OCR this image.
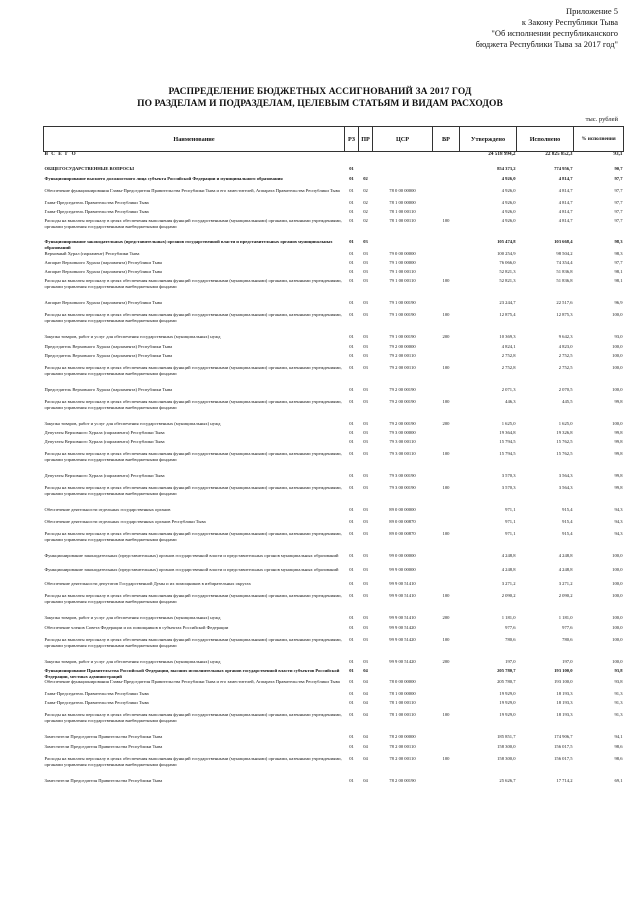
Приложение 5
к Закону Республики Тыва
"Об исполнении республиканского
бюджета Республики Тыва за 2017 год"
РАСПРЕДЕЛЕНИЕ БЮДЖЕТНЫХ АССИГНОВАНИЙ ЗА 2017 ГОД
ПО РАЗДЕЛАМ И ПОДРАЗДЕЛАМ, ЦЕЛЕВЫМ СТАТЬЯМ И ВИДАМ РАСХОДОВ
тыс. рублей
Наименование	РЗ	ПР	ЦСР	ВР	Утверждено	Исполнено	% исполнения
В С Е Г О					24 518 994,2	22 825 852,3	93,1
ОБЩЕГОСУДАРСТВЕННЫЕ ВОПРОСЫ	01				854 373,2	774 956,7	90,7
Функционирование высшего должностного лица субъекта Российской Федерации и муниципального образования	01	02			4 926,0	4 814,7	97,7
Обеспечение функционирования Главы-Председателя Правительства Республики Тыва и его заместителей, Аппарата Правительства Республики Тыва	01	02	78 0 00 00000		4 926,0	4 814,7	97,7
Глава-Председатель Правительства Республики Тыва	01	02	78 1 00 00000		4 926,0	4 814,7	97,7
Глава-Председатель Правительства Республики Тыва	01	02	78 1 00 00110		4 926,0	4 814,7	97,7
Расходы на выплаты персоналу в целях обеспечения выполнения функций государственными (муниципальными) органами, казенными учреждениями, органами управления государственными внебюджетными фондами	01	02	78 1 00 00110	100	4 926,0	4 814,7	97,7
Функционирование законодательных (представительных) органов государственной власти и представительных органов муниципальных образований	01	03			105 474,8	103 668,4	98,3
Верховный Хурал (парламент) Республики Тыва	01	03	79 0 00 00000		100 254,9	98 504,2	98,3
Аппарат Верховного Хурала (парламента) Республики Тыва	01	03	79 1 00 00000		76 066,0	74 354,4	97,7
Аппарат Верховного Хурала (парламента) Республики Тыва	01	03	79 1 00 00110		52 821,3	51 836,8	98,1
Расходы на выплаты персоналу в целях обеспечения выполнения функций государственными (муниципальными) органами, казенными учреждениями, органами управления государственными внебюджетными фондами	01	03	79 1 00 00110	100	52 821,3	51 836,8	98,1
Аппарат Верховного Хурала (парламента) Республики Тыва	01	03	79 1 00 00190		23 244,7	22 517,6	96,9
Расходы на выплаты персоналу в целях обеспечения выполнения функций государственными (муниципальными) органами, казенными учреждениями, органами управления государственными внебюджетными фондами	01	03	79 1 00 00190	100	12 875,4	12 875,3	100,0
Закупка товаров, работ и услуг для обеспечения государственных (муниципальных) нужд	01	03	79 1 00 00190	200	10 369,3	9 642,3	93,0
Председатель Верховного Хурала (парламента) Республики Тыва	01	03	79 2 00 00000		4 824,1	4 823,0	100,0
Председатель Верховного Хурала (парламента) Республики Тыва	01	03	79 2 00 00110		2 752,8	2 752,5	100,0
Расходы на выплаты персоналу в целях обеспечения выполнения функций государственными (муниципальными) органами, казенными учреждениями, органами управления государственными внебюджетными фондами	01	03	79 2 00 00110	100	2 752,8	2 752,5	100,0
Председатель Верховного Хурала (парламента) Республики Тыва	01	03	79 2 00 00190		2 071,3	2 070,5	100,0
Расходы на выплаты персоналу в целях обеспечения выполнения функций государственными (муниципальными) органами, казенными учреждениями, органами управления государственными внебюджетными фондами	01	03	79 2 00 00190	100	446,3	445,5	99,8
Закупка товаров, работ и услуг для обеспечения государственных (муниципальных) нужд	01	03	79 2 00 00190	200	1 625,0	1 625,0	100,0
Депутаты Верховного Хурала (парламента) Республики Тыва	01	03	79 3 00 00000		19 364,8	19 326,8	99,8
Депутаты Верховного Хурала (парламента) Республики Тыва	01	03	79 3 00 00110		15 794,5	15 762,5	99,8
Расходы на выплаты персоналу в целях обеспечения выполнения функций государственными (муниципальными) органами, казенными учреждениями, органами управления государственными внебюджетными фондами	01	03	79 3 00 00110	100	15 794,5	15 762,5	99,8
Депутаты Верховного Хурала (парламента) Республики Тыва	01	03	79 3 00 00190		3 570,3	3 564,3	99,8
Расходы на выплаты персоналу в целях обеспечения выполнения функций государственными (муниципальными) органами, казенными учреждениями, органами управления государственными внебюджетными фондами	01	03	79 3 00 00190	100	3 570,3	3 564,3	99,8
Обеспечение деятельности отдельных государственных органов	01	03	89 0 00 00000		971,1	915,4	94,3
Обеспечение деятельности отдельных государственных органов Республики Тыва	01	03	89 0 00 00870		971,1	915,4	94,3
Расходы на выплаты персоналу в целях обеспечения выполнения функций государственными (муниципальными) органами, казенными учреждениями, органами управления государственными внебюджетными фондами	01	03	89 0 00 00870	100	971,1	915,4	94,3
Функционирование законодательных (представительных) органов государственной власти и представительных органов муниципальных образований	01	03	99 0 00 00000		4 248,8	4 248,8	100,0
Функционирование законодательных (представительных) органов государственной власти и представительных органов муниципальных образований	01	03	99 9 00 00000		4 248,8	4 248,8	100,0
Обеспечение деятельности депутатов Государственной Думы и их помощников в избирательных округах	01	03	99 9 00 51410		3 271,2	3 271,2	100,0
Расходы на выплаты персоналу в целях обеспечения выполнения функций государственными (муниципальными) органами, казенными учреждениями, органами управления государственными внебюджетными фондами	01	03	99 9 00 51410	100	2 090,2	2 090,2	100,0
Закупка товаров, работ и услуг для обеспечения государственных (муниципальных) нужд	01	03	99 9 00 51410	200	1 181,0	1 181,0	100,0
Обеспечение членов Совета Федерации и их помощников в субъектах Российской Федерации	01	03	99 9 00 51420		977,6	977,6	100,0
Расходы на выплаты персоналу в целях обеспечения выполнения функций государственными (муниципальными) органами, казенными учреждениями, органами управления государственными внебюджетными фондами	01	03	99 9 00 51420	100	780,6	780,6	100,0
Закупка товаров, работ и услуг для обеспечения государственных (муниципальных) нужд	01	03	99 9 00 51420	200	197,0	197,0	100,0
Функционирование Правительства Российской Федерации, высших исполнительных органов государственной власти субъектов Российской Федерации, местных администраций	01	04			205 780,7	193 100,0	93,8
Обеспечение функционирования Главы-Председателя Правительства Республики Тыва и его заместителей, Аппарата Правительства Республики Тыва	01	04	78 0 00 00000		205 780,7	193 100,0	93,8
Глава-Председатель Правительства Республики Тыва	01	04	78 1 00 00000		19 929,0	18 193,3	91,3
Глава-Председатель Правительства Республики Тыва	01	04	78 1 00 00110		19 929,0	18 193,3	91,3
Расходы на выплаты персоналу в целях обеспечения выполнения функций государственными (муниципальными) органами, казенными учреждениями, органами управления государственными внебюджетными фондами	01	04	78 1 00 00110	100	19 929,0	18 193,3	91,3
Заместители Председателя Правительства Республики Тыва	01	04	78 2 00 00000		185 851,7	174 906,7	94,1
Заместители Председателя Правительства Республики Тыва	01	04	78 2 00 00110		158 300,0	156 017,5	98,6
Расходы на выплаты персоналу в целях обеспечения выполнения функций государственными (муниципальными) органами, казенными учреждениями, органами управления государственными внебюджетными фондами	01	04	78 2 00 00110	100	158 300,0	156 017,5	98,6
Заместители Председателя Правительства Республики Тыва	01	04	78 2 00 00190		25 626,7	17 714,2	69,1
